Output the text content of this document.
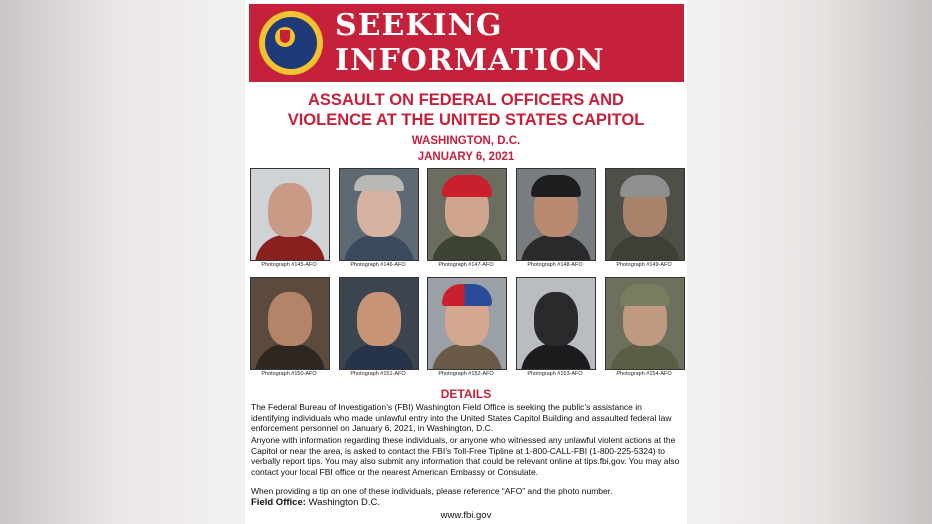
SEEKING
INFORMATION
ASSAULT ON FEDERAL OFFICERS AND
VIOLENCE AT THE UNITED STATES CAPITOL
WASHINGTON, D.C.
JANUARY 6, 2021
Photograph #145-AFO	Photograph #146-AFO	Photograph #147-AFO	Photograph #148-AFO	Photograph #149-AFO
Photograph #150-AFO	Photograph #151-AFO	Photograph #152-AFO	Photograph #153-AFO	Photograph #154-AFO
DETAILS

The Federal Bureau of Investigation’s (FBI) Washington Field Office is seeking the public’s assistance in identifying individuals who made unlawful entry into the United States Capitol Building and assaulted federal law enforcement personnel on January 6, 2021, in Washington, D.C.

Anyone with information regarding these individuals, or anyone who witnessed any unlawful violent actions at the Capitol or near the area, is asked to contact the FBI’s Toll-Free Tipline at 1-800-CALL-FBI (1-800-225-5324) to verbally report tips. You may also submit any information that could be relevant online at tips.fbi.gov. You may also contact your local FBI office or the nearest American Embassy or Consulate.

When providing a tip on one of these individuals, please reference “AFO” and the photo number.

Field Office: Washington D.C.
www.fbi.gov
